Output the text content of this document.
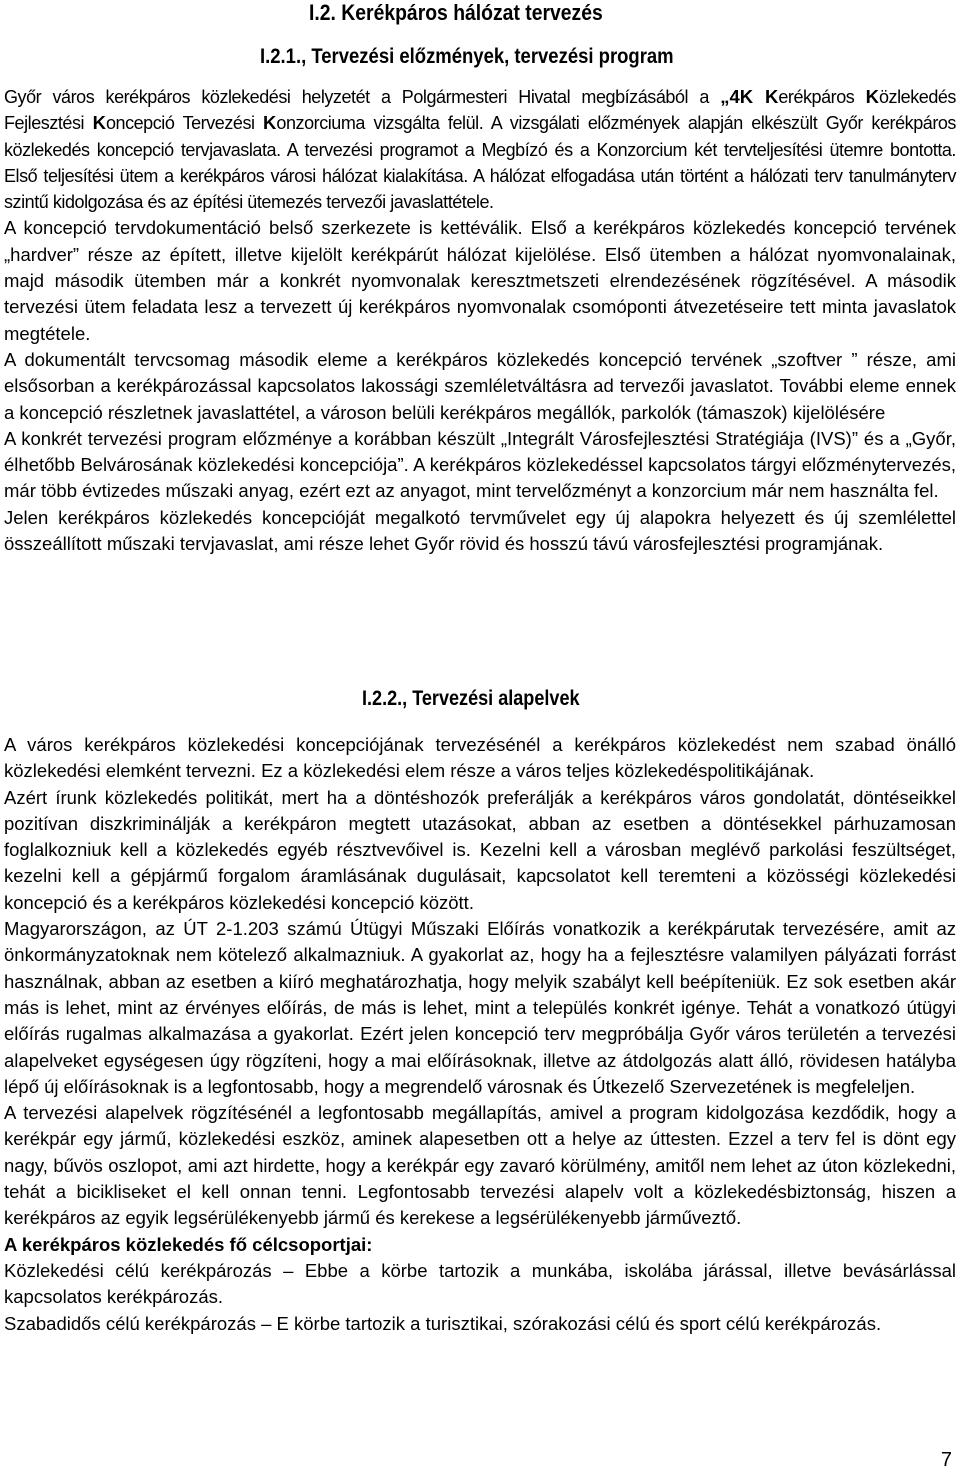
I.2. Kerékpáros hálózat tervezés
I.2.1., Tervezési előzmények, tervezési program

Győr város kerékpáros közlekedési helyzetét a Polgármesteri Hivatal megbízásából a „4K Kerékpáros Közlekedés Fejlesztési Koncepció Tervezési Konzorciuma vizsgálta felül. A vizsgálati előzmények alapján elkészült Győr kerékpáros közlekedés koncepció tervjavaslata. A tervezési programot a Megbízó és a Konzorcium két tervteljesítési ütemre bontotta. Első teljesítési ütem a kerékpáros városi hálózat kialakítása. A hálózat elfogadása után történt a hálózati terv tanulmányterv szintű kidolgozása és az építési ütemezés tervezői javaslattétele.

A koncepció tervdokumentáció belső szerkezete is kettéválik. Első a kerékpáros közlekedés koncepció tervének „hardver” része az épített, illetve kijelölt kerékpárút hálózat kijelölése. Első ütemben a hálózat nyomvonalainak, majd második ütemben már a konkrét nyomvonalak keresztmetszeti elrendezésének rögzítésével. A második tervezési ütem feladata lesz a tervezett új kerékpáros nyomvonalak csomóponti átvezetéseire tett minta javaslatok megtétele.

A dokumentált tervcsomag második eleme a kerékpáros közlekedés koncepció tervének „szoftver ” része, ami elsősorban a kerékpározással kapcsolatos lakossági szemléletváltásra ad tervezői javaslatot. További eleme ennek a koncepció részletnek javaslattétel, a városon belüli kerékpáros megállók, parkolók (támaszok) kijelölésére

A konkrét tervezési program előzménye a korábban készült „Integrált Városfejlesztési Stratégiája (IVS)” és a „Győr, élhetőbb Belvárosának közlekedési koncepciója”. A kerékpáros közlekedéssel kapcsolatos tárgyi előzménytervezés, már több évtizedes műszaki anyag, ezért ezt az anyagot, mint tervelőzményt a konzorcium már nem használta fel.

Jelen kerékpáros közlekedés koncepcióját megalkotó tervművelet egy új alapokra helyezett és új szemlélettel összeállított műszaki tervjavaslat, ami része lehet Győr rövid és hosszú távú városfejlesztési programjának.

I.2.2., Tervezési alapelvek

A város kerékpáros közlekedési koncepciójának tervezésénél a kerékpáros közlekedést nem szabad önálló közlekedési elemként tervezni. Ez a közlekedési elem része a város teljes közlekedéspolitikájának.

Azért írunk közlekedés politikát, mert ha a döntéshozók preferálják a kerékpáros város gondolatát, döntéseikkel pozitívan diszkriminálják a kerékpáron megtett utazásokat, abban az esetben a döntésekkel párhuzamosan foglalkozniuk kell a közlekedés egyéb résztvevőivel is. Kezelni kell a városban meglévő parkolási feszültséget, kezelni kell a gépjármű forgalom áramlásának dugulásait, kapcsolatot kell teremteni a közösségi közlekedési koncepció és a kerékpáros közlekedési koncepció között.

Magyarországon, az ÚT 2-1.203 számú Útügyi Műszaki Előírás vonatkozik a kerékpárutak tervezésére, amit az önkormányzatoknak nem kötelező alkalmazniuk. A gyakorlat az, hogy ha a fejlesztésre valamilyen pályázati forrást használnak, abban az esetben a kiíró meghatározhatja, hogy melyik szabályt kell beépíteniük. Ez sok esetben akár más is lehet, mint az érvényes előírás, de más is lehet, mint a település konkrét igénye. Tehát a vonatkozó útügyi előírás rugalmas alkalmazása a gyakorlat. Ezért jelen koncepció terv megpróbálja Győr város területén a tervezési alapelveket egységesen úgy rögzíteni, hogy a mai előírásoknak, illetve az átdolgozás alatt álló, rövidesen hatályba lépő új előírásoknak is a legfontosabb, hogy a megrendelő városnak és Útkezelő Szervezetének is megfeleljen.

A tervezési alapelvek rögzítésénél a legfontosabb megállapítás, amivel a program kidolgozása kezdődik, hogy a kerékpár egy jármű, közlekedési eszköz, aminek alapesetben ott a helye az úttesten. Ezzel a terv fel is dönt egy nagy, bűvös oszlopot, ami azt hirdette, hogy a kerékpár egy zavaró körülmény, amitől nem lehet az úton közlekedni, tehát a bicikliseket el kell onnan tenni. Legfontosabb tervezési alapelv volt a közlekedésbiztonság, hiszen a kerékpáros az egyik legsérülékenyebb jármű és kerekese a legsérülékenyebb járműveztő.

A kerékpáros közlekedés fő célcsoportjai:

Közlekedési célú kerékpározás – Ebbe a körbe tartozik a munkába, iskolába járással, illetve bevásárlással kapcsolatos kerékpározás.

Szabadidős célú kerékpározás – E körbe tartozik a turisztikai, szórakozási célú és sport célú kerékpározás.

7
